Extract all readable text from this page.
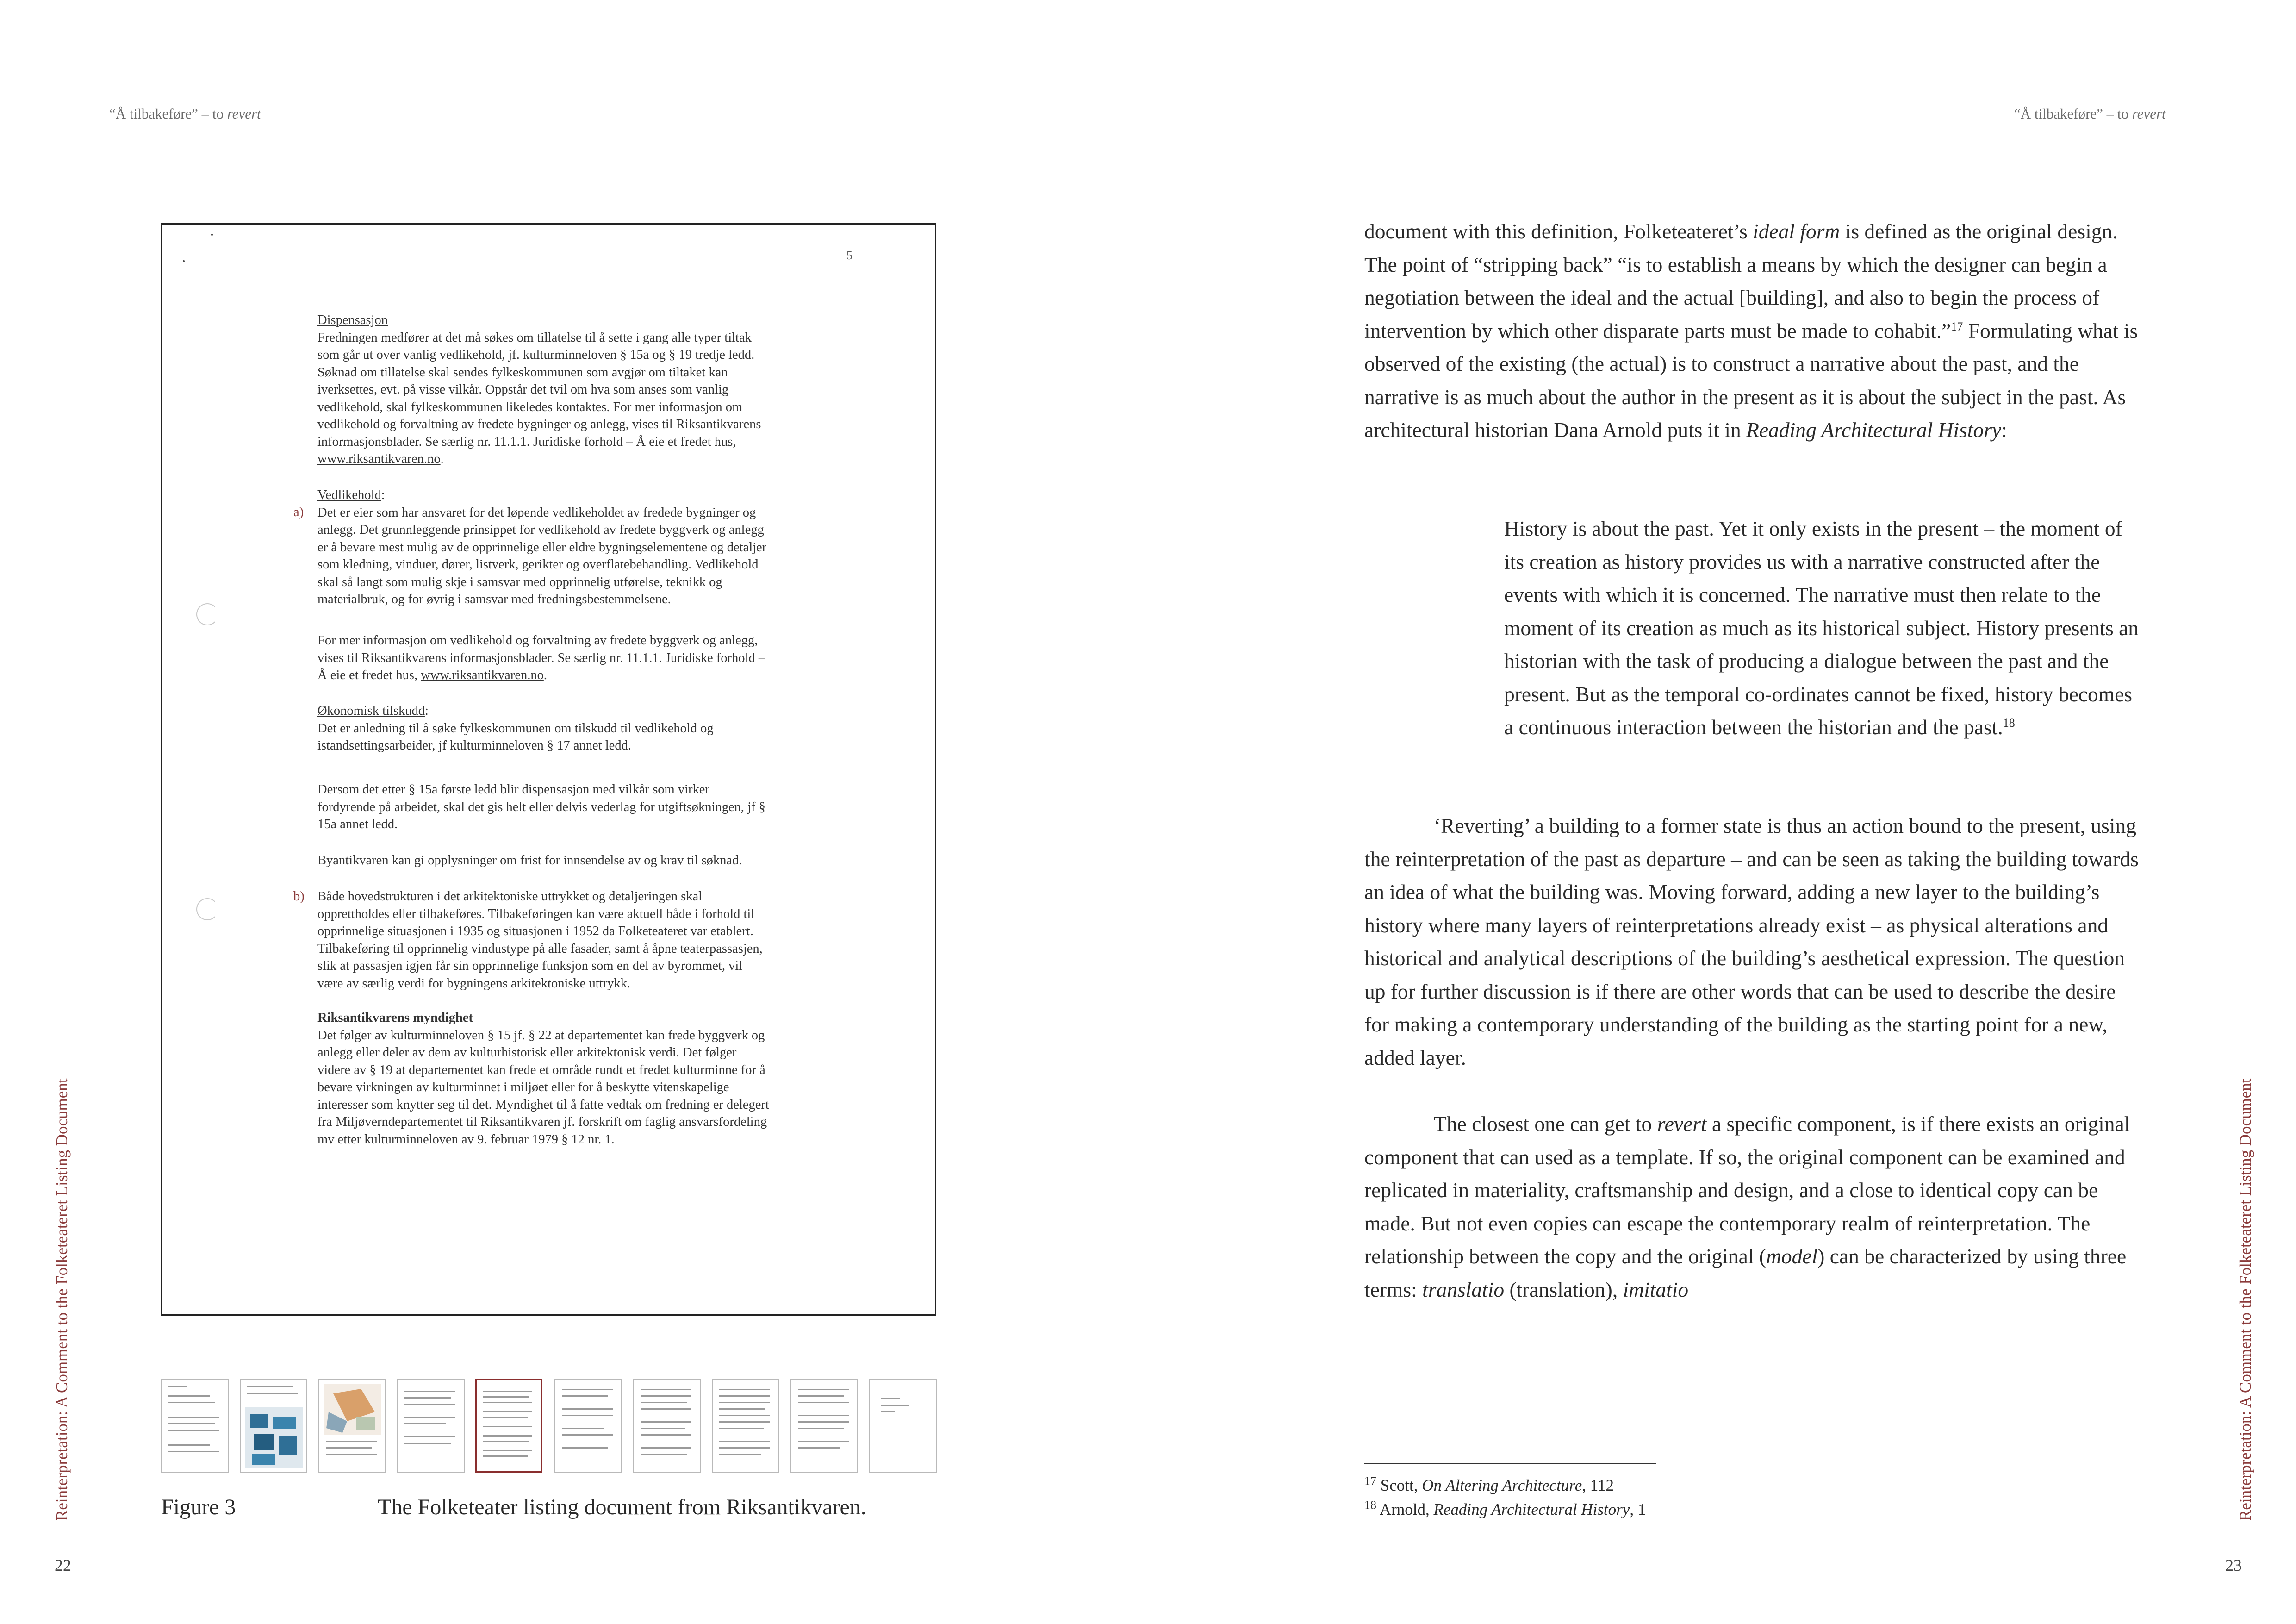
“Å tilbakeføre” – to revert
Reinterpretation: A Comment to the Folketeateret Listing Document
22
5

Dispensasjon

Fredningen medfører at det må søkes om tillatelse til å sette i gang alle typer tiltak

som går ut over vanlig vedlikehold, jf. kulturminneloven § 15a og § 19 tredje ledd.

Søknad om tillatelse skal sendes fylkeskommunen som avgjør om tiltaket kan

iverksettes, evt. på visse vilkår. Oppstår det tvil om hva som anses som vanlig

vedlikehold, skal fylkeskommunen likeledes kontaktes. For mer informasjon om

vedlikehold og forvaltning av fredete bygninger og anlegg, vises til Riksantikvarens

informasjonsblader. Se særlig nr. 11.1.1. Juridiske forhold – Å eie et fredet hus,

www.riksantikvaren.no.

Vedlikehold:

Det er eier som har ansvaret for det løpende vedlikeholdet av fredede bygninger og

anlegg. Det grunnleggende prinsippet for vedlikehold av fredete byggverk og anlegg

er å bevare mest mulig av de opprinnelige eller eldre bygningselementene og detaljer

som kledning, vinduer, dører, listverk, gerikter og overflatebehandling. Vedlikehold

skal så langt som mulig skje i samsvar med opprinnelig utførelse, teknikk og

materialbruk, og for øvrig i samsvar med fredningsbestemmelsene.

a)

For mer informasjon om vedlikehold og forvaltning av fredete byggverk og anlegg,

vises til Riksantikvarens informasjonsblader. Se særlig nr. 11.1.1. Juridiske forhold –

Å eie et fredet hus, www.riksantikvaren.no.

Økonomisk tilskudd:

Det er anledning til å søke fylkeskommunen om tilskudd til vedlikehold og

istandsettingsarbeider, jf kulturminneloven § 17 annet ledd.

Dersom det etter § 15a første ledd blir dispensasjon med vilkår som virker

fordyrende på arbeidet, skal det gis helt eller delvis vederlag for utgiftsøkningen, jf §

15a annet ledd.

Byantikvaren kan gi opplysninger om frist for innsendelse av og krav til søknad.

Både hovedstrukturen i det arkitektoniske uttrykket og detaljeringen skal

opprettholdes eller tilbakeføres. Tilbakeføringen kan være aktuell både i forhold til

opprinnelige situasjonen i 1935 og situasjonen i 1952 da Folketeateret var etablert.

Tilbakeføring til opprinnelig vindustype på alle fasader, samt å åpne teaterpassasjen,

slik at passasjen igjen får sin opprinnelige funksjon som en del av byrommet, vil

være av særlig verdi for bygningens arkitektoniske uttrykk.

b)

Riksantikvarens myndighet

Det følger av kulturminneloven § 15 jf. § 22 at departementet kan frede byggverk og

anlegg eller deler av dem av kulturhistorisk eller arkitektonisk verdi. Det følger

videre av § 19 at departementet kan frede et område rundt et fredet kulturminne for å

bevare virkningen av kulturminnet i miljøet eller for å beskytte vitenskapelige

interesser som knytter seg til det. Myndighet til å fatte vedtak om fredning er delegert

fra Miljøverndepartementet til Riksantikvaren jf. forskrift om faglig ansvarsfordeling

mv etter kulturminneloven av 9. februar 1979 § 12 nr. 1.

Figure 3	The Folketeater listing document from Riksantikvaren.
“Å tilbakeføre” – to revert
Reinterpretation: A Comment to the Folketeateret Listing Document
23

document with this definition, Folketeateret’s ideal form is defined as the original design. The point of “stripping back” “is to establish a means by which the designer can begin a negotiation between the ideal and the actual [building], and also to begin the process of intervention by which other disparate parts must be made to cohabit.”$^{17}$ Formulating what is observed of the existing (the actual) is to construct a narrative about the past, and the narrative is as much about the author in the present as it is about the subject in the past. As architectural historian Dana Arnold puts it in Reading Architectural History:

History is about the past. Yet it only exists in the present – the moment of its creation as history provides us with a narrative constructed after the events with which it is concerned. The narrative must then relate to the moment of its creation as much as its historical subject. History presents an historian with the task of producing a dialogue between the past and the present. But as the temporal co-ordinates cannot be fixed, history becomes a continuous interaction between the historian and the past.$^{18}$

‘Reverting’ a building to a former state is thus an action bound to the present, using the reinterpretation of the past as departure – and can be seen as taking the building towards an idea of what the building was. Moving forward, adding a new layer to the building’s history where many layers of reinterpretations already exist – as physical alterations and historical and analytical descriptions of the building’s aesthetical expression. The question up for further discussion is if there are other words that can be used to describe the desire for making a contemporary understanding of the building as the starting point for a new, added layer.

The closest one can get to revert a specific component, is if there exists an original component that can used as a template. If so, the original component can be examined and replicated in materiality, craftsmanship and design, and a close to identical copy can be made. But not even copies can escape the contemporary realm of reinterpretation. The relationship between the copy and the original (model) can be characterized by using three terms: translatio (translation), imitatio

$^{17}$ Scott, On Altering Architecture, 112
$^{18}$ Arnold, Reading Architectural History, 1
